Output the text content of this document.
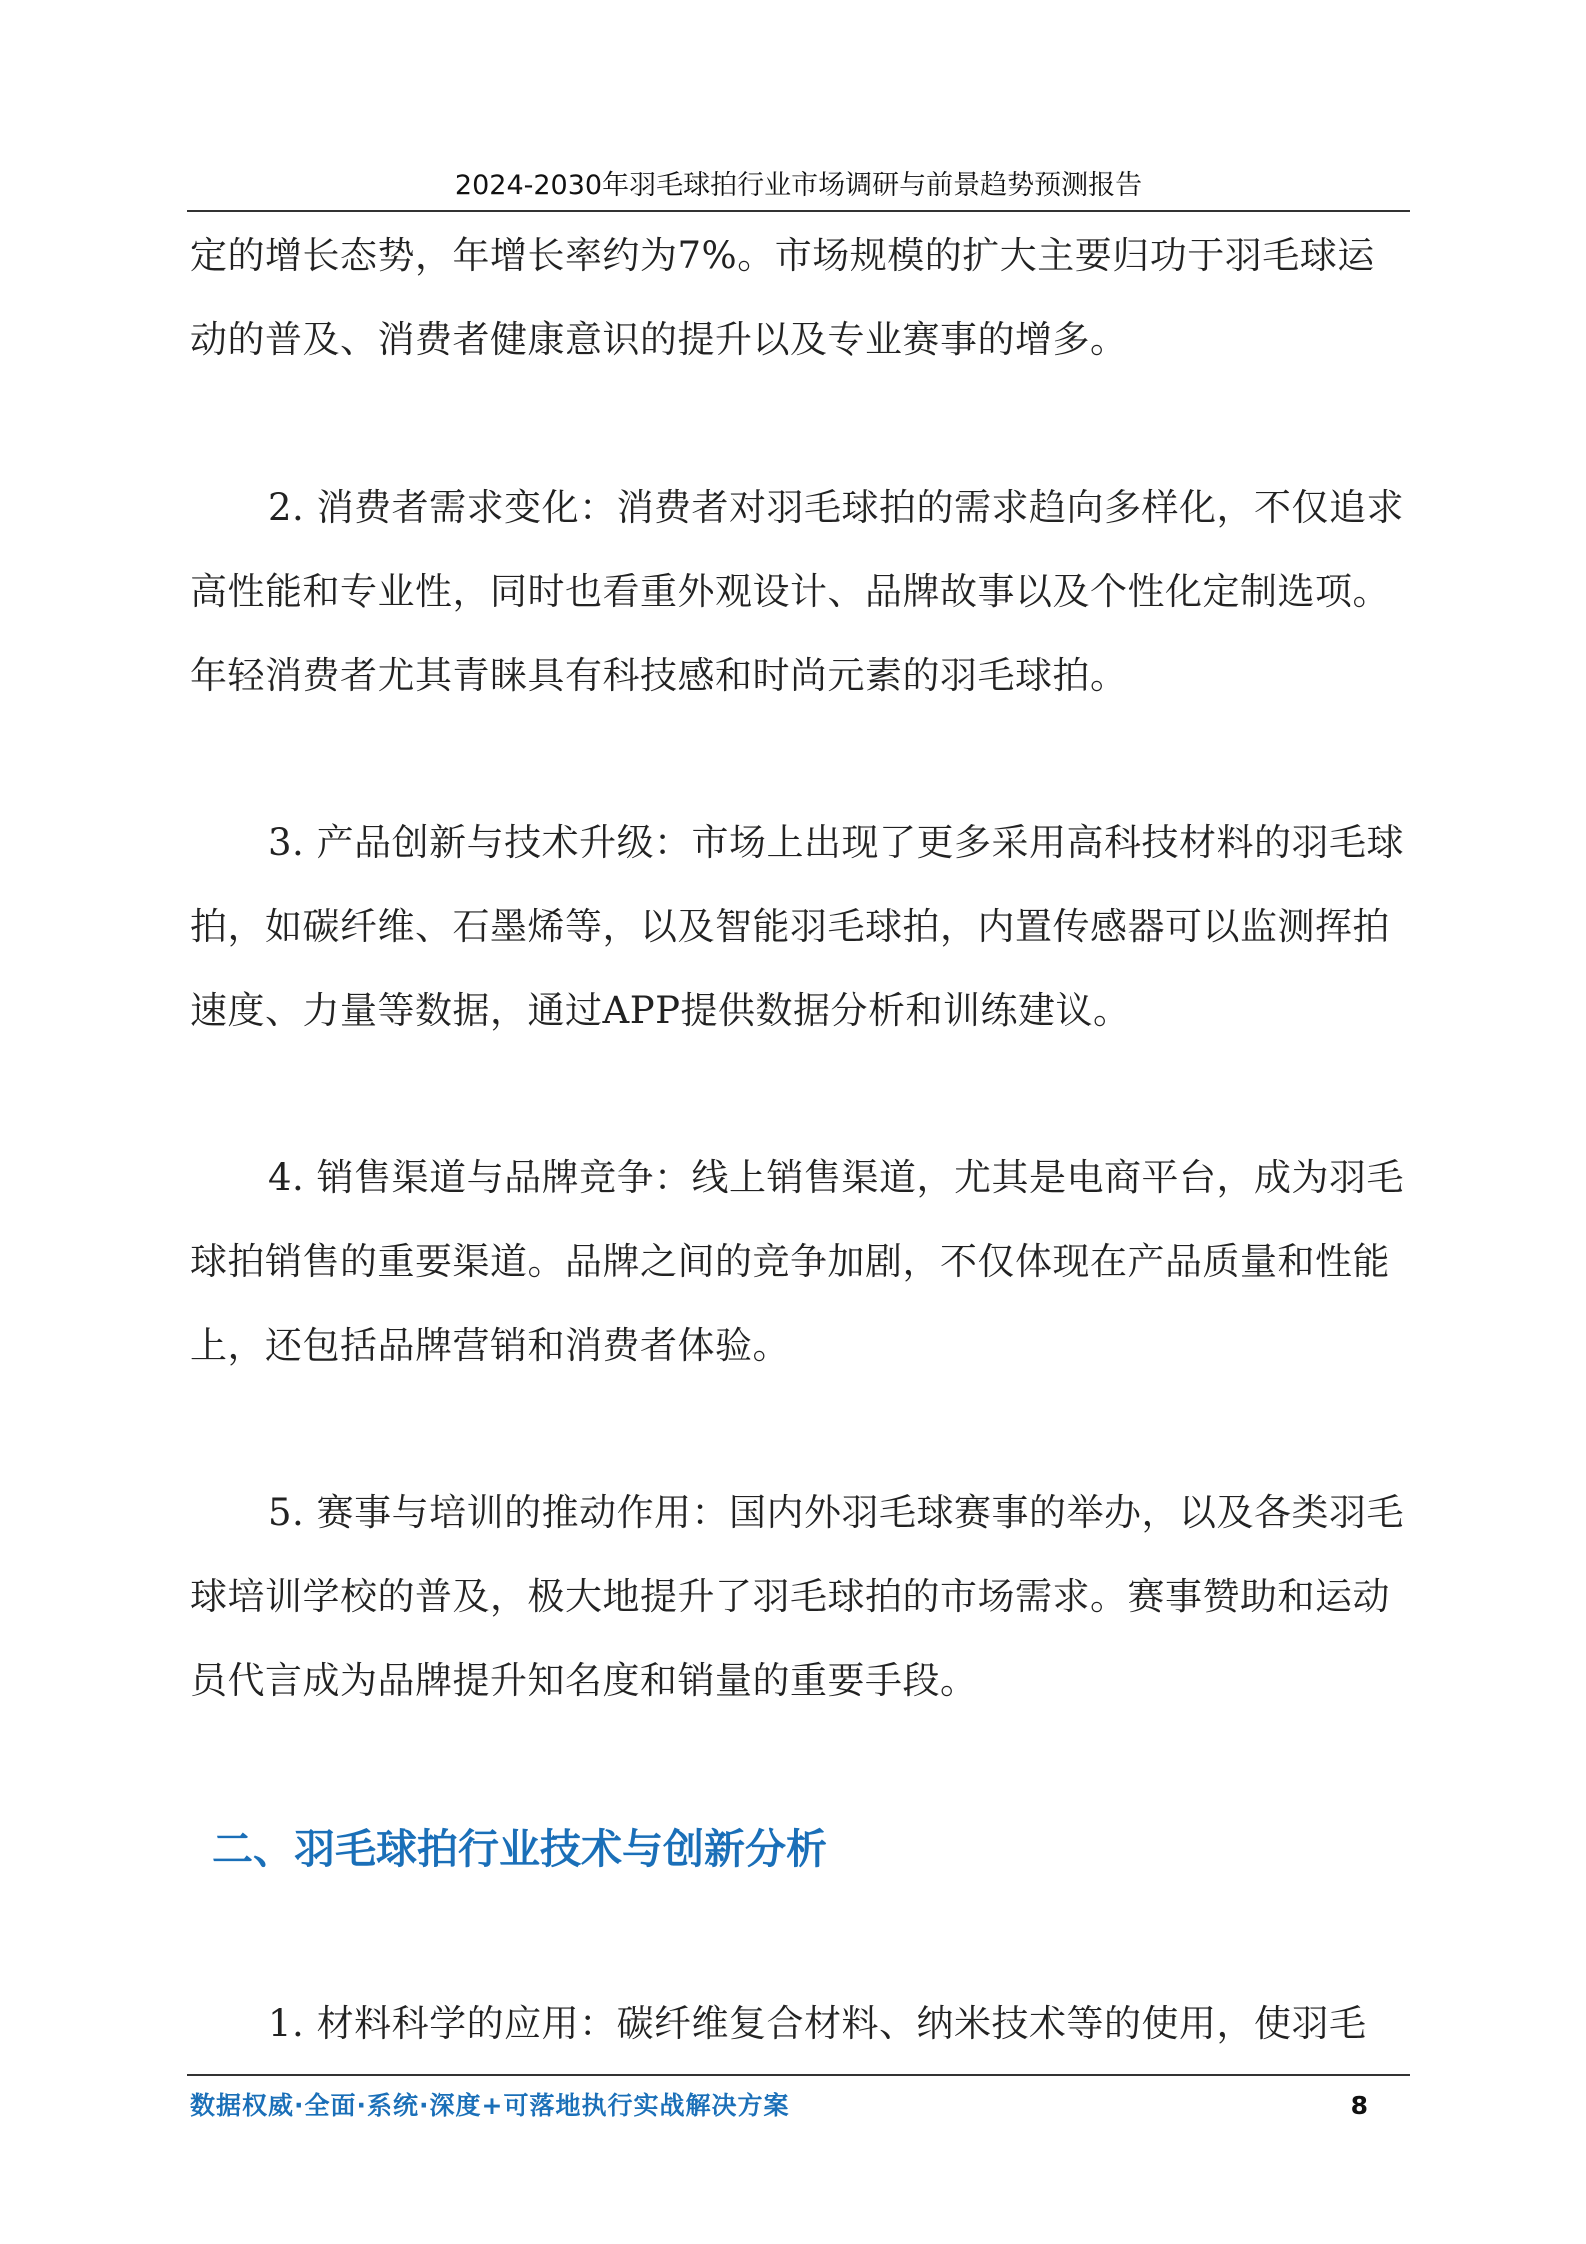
2024-2030年羽毛球拍行业市场调研与前景趋势预测报告

定的增长态势，年增长率约为7%。市场规模的扩大主要归功于羽毛球运动的普及、消费者健康意识的提升以及专业赛事的增多。

2. 消费者需求变化：消费者对羽毛球拍的需求趋向多样化，不仅追求高性能和专业性，同时也看重外观设计、品牌故事以及个性化定制选项。年轻消费者尤其青睐具有科技感和时尚元素的羽毛球拍。

3. 产品创新与技术升级：市场上出现了更多采用高科技材料的羽毛球拍，如碳纤维、石墨烯等，以及智能羽毛球拍，内置传感器可以监测挥拍速度、力量等数据，通过APP提供数据分析和训练建议。

4. 销售渠道与品牌竞争：线上销售渠道，尤其是电商平台，成为羽毛球拍销售的重要渠道。品牌之间的竞争加剧，不仅体现在产品质量和性能上，还包括品牌营销和消费者体验。

5. 赛事与培训的推动作用：国内外羽毛球赛事的举办，以及各类羽毛球培训学校的普及，极大地提升了羽毛球拍的市场需求。赛事赞助和运动员代言成为品牌提升知名度和销量的重要手段。

二、羽毛球拍行业技术与创新分析

1. 材料科学的应用：碳纤维复合材料、纳米技术等的使用，使羽毛

数据权威·全面·系统·深度+可落地执行实战解决方案	8
